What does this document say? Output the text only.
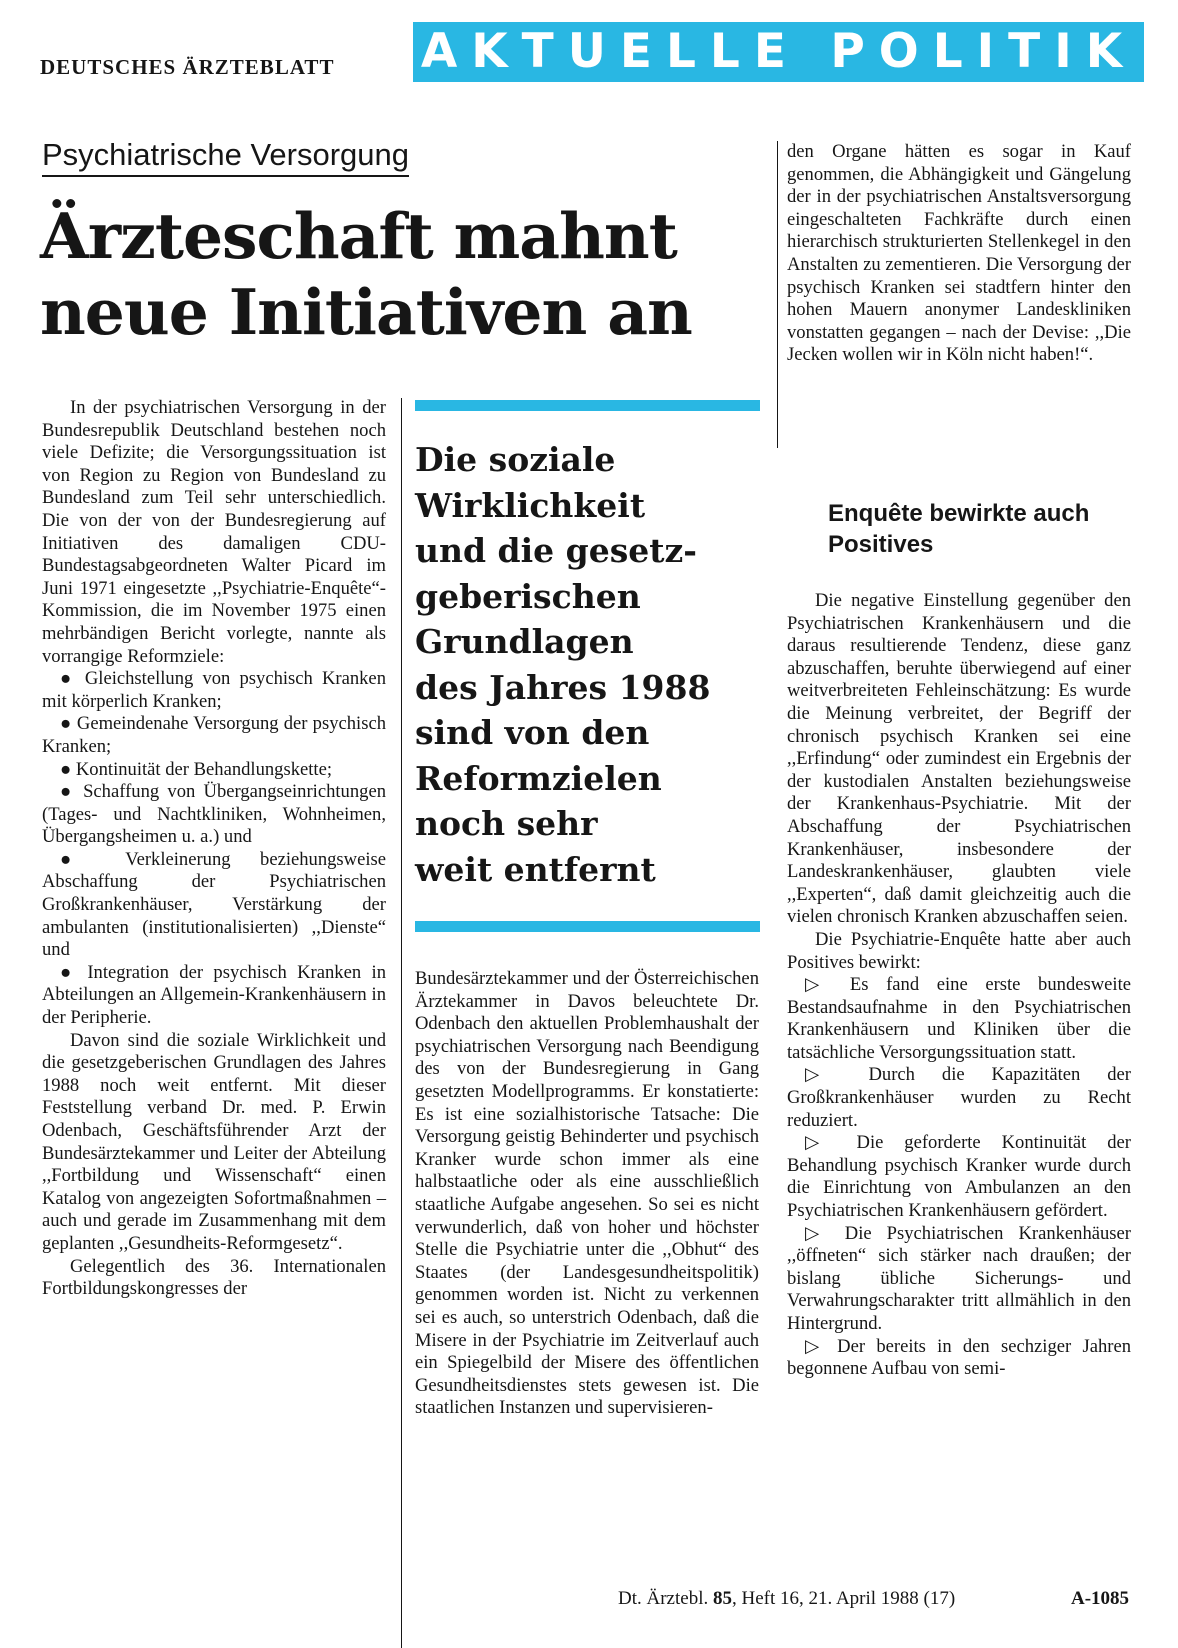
DEUTSCHES ÄRZTEBLATT AKTUELLE POLITIK
Psychiatrische Versorgung
Ärzteschaft mahnt
neue Initiativen an

In der psychiatrischen Versorgung in der Bundesrepublik Deutschland bestehen noch viele Defizite; die Versorgungssituation ist von Region zu Region von Bundesland zu Bundesland zum Teil sehr unterschiedlich. Die von der von der Bundesregierung auf Initiativen des damaligen CDU-Bundestagsabgeordneten Walter Picard im Juni 1971 eingesetzte ,,Psychiatrie-Enquête“-Kommission, die im November 1975 einen mehrbändigen Bericht vorlegte, nannte als vorrangige Reformziele:

● Gleichstellung von psychisch Kranken mit körperlich Kranken;

● Gemeindenahe Versorgung der psychisch Kranken;

● Kontinuität der Behandlungskette;

● Schaffung von Übergangseinrichtungen (Tages- und Nachtkliniken, Wohnheimen, Übergangsheimen u. a.) und

● Verkleinerung beziehungsweise Abschaffung der Psychiatrischen Großkrankenhäuser, Verstärkung der ambulanten (institutionalisierten) ,,Dienste“ und

● Integration der psychisch Kranken in Abteilungen an Allgemein-Krankenhäusern in der Peripherie.

Davon sind die soziale Wirklichkeit und die gesetzgeberischen Grundlagen des Jahres 1988 noch weit entfernt. Mit dieser Feststellung verband Dr. med. P. Erwin Odenbach, Geschäftsführender Arzt der Bundesärztekammer und Leiter der Abteilung ,,Fortbildung und Wissenschaft“ einen Katalog von angezeigten Sofortmaßnahmen – auch und gerade im Zusammenhang mit dem geplanten ,,Gesundheits-Reformgesetz“.

Gelegentlich des 36. Internationalen Fortbildungskongresses der

Die soziale
Wirklichkeit
und die gesetz-
geberischen
Grundlagen
des Jahres 1988
sind von den
Reformzielen
noch sehr
weit entfernt

Bundesärztekammer und der Österreichischen Ärztekammer in Davos beleuchtete Dr. Odenbach den aktuellen Problemhaushalt der psychiatrischen Versorgung nach Beendigung des von der Bundesregierung in Gang gesetzten Modellprogramms. Er konstatierte: Es ist eine sozialhistorische Tatsache: Die Versorgung geistig Behinderter und psychisch Kranker wurde schon immer als eine halbstaatliche oder als eine ausschließlich staatliche Aufgabe angesehen. So sei es nicht verwunderlich, daß von hoher und höchster Stelle die Psychiatrie unter die ,,Obhut“ des Staates (der Landesgesundheitspolitik) genommen worden ist. Nicht zu verkennen sei es auch, so unterstrich Odenbach, daß die Misere in der Psychiatrie im Zeitverlauf auch ein Spiegelbild der Misere des öffentlichen Gesundheitsdienstes stets gewesen ist. Die staatlichen Instanzen und supervisieren-

den Organe hätten es sogar in Kauf genommen, die Abhängigkeit und Gängelung der in der psychiatrischen Anstaltsversorgung eingeschalteten Fachkräfte durch einen hierarchisch strukturierten Stellenkegel in den Anstalten zu zementieren. Die Versorgung der psychisch Kranken sei stadtfern hinter den hohen Mauern anonymer Landeskliniken vonstatten gegangen – nach der Devise: ,,Die Jecken wollen wir in Köln nicht haben!“.

Enquête bewirkte auch Positives

Die negative Einstellung gegenüber den Psychiatrischen Krankenhäusern und die daraus resultierende Tendenz, diese ganz abzuschaffen, beruhte überwiegend auf einer weitverbreiteten Fehleinschätzung: Es wurde die Meinung verbreitet, der Begriff der chronisch psychisch Kranken sei eine ,,Erfindung“ oder zumindest ein Ergebnis der der kustodialen Anstalten beziehungsweise der Krankenhaus-Psychiatrie. Mit der Abschaffung der Psychiatrischen Krankenhäuser, insbesondere der Landeskrankenhäuser, glaubten viele ,,Experten“, daß damit gleichzeitig auch die vielen chronisch Kranken abzuschaffen seien.

Die Psychiatrie-Enquête hatte aber auch Positives bewirkt:

▷ Es fand eine erste bundesweite Bestandsaufnahme in den Psychiatrischen Krankenhäusern und Kliniken über die tatsächliche Versorgungssituation statt.

▷ Durch die Kapazitäten der Großkrankenhäuser wurden zu Recht reduziert.

▷ Die geforderte Kontinuität der Behandlung psychisch Kranker wurde durch die Einrichtung von Ambulanzen an den Psychiatrischen Krankenhäusern gefördert.

▷ Die Psychiatrischen Krankenhäuser ,,öffneten“ sich stärker nach draußen; der bislang übliche Sicherungs- und Verwahrungscharakter tritt allmählich in den Hintergrund.

▷ Der bereits in den sechziger Jahren begonnene Aufbau von semi-

Dt. Ärztebl. 85, Heft 16, 21. April 1988 (17)	A-1085
